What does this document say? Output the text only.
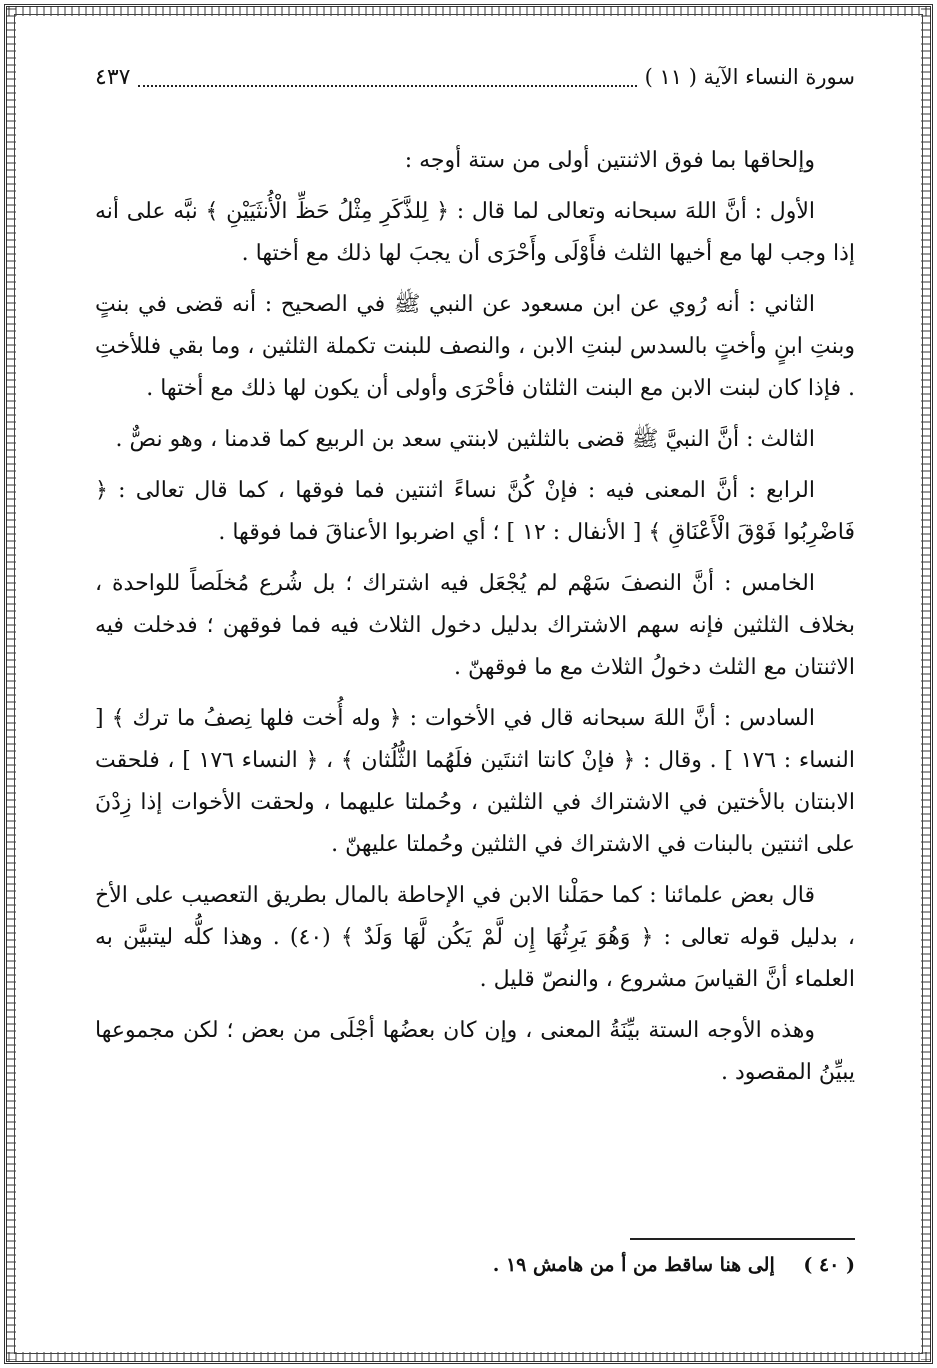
سورة النساء الآية ( ١١ )
٤٣٧

وإلحاقها بما فوق الاثنتين أولى من ستة أوجه :

الأول : أنَّ اللهَ سبحانه وتعالى لما قال : ﴿ لِلذَّكَرِ مِثْلُ حَظِّ الْأُنثَيَيْنِ ﴾ نبَّه على أنه إذا وجب لها مع أخيها الثلث فأَوْلَى وأَحْرَى أن يجبَ لها ذلك مع أختها .

الثاني : أنه رُوي عن ابن مسعود عن النبي ﷺ في الصحيح : أنه قضى في بنتٍ وبنتِ ابنٍ وأختٍ بالسدس لبنتِ الابن ، والنصف للبنت تكملة الثلثين ، وما بقي فللأختِ . فإذا كان لبنت الابن مع البنت الثلثان فأحْرَى وأولى أن يكون لها ذلك مع أختها .

الثالث : أنَّ النبيَّ ﷺ قضى بالثلثين لابنتي سعد بن الربيع كما قدمنا ، وهو نصٌّ .

الرابع : أنَّ المعنى فيه : فإنْ كُنَّ نساءً اثنتين فما فوقها ، كما قال تعالى : ﴿ فَاضْرِبُوا فَوْقَ الْأَعْنَاقِ ﴾ [ الأنفال : ١٢ ] ؛ أي اضربوا الأعناقَ فما فوقها .

الخامس : أنَّ النصفَ سَهْم لم يُجْعَل فيه اشتراك ؛ بل شُرع مُخلَصاً للواحدة ، بخلاف الثلثين فإنه سهم الاشتراك بدليل دخول الثلاث فيه فما فوقهن ؛ فدخلت فيه الاثنتان مع الثلث دخولُ الثلاث مع ما فوقهنّ .

السادس : أنَّ اللهَ سبحانه قال في الأخوات : ﴿ وله أُخت فلها نِصفُ ما ترك ﴾ [ النساء : ١٧٦ ] . وقال : ﴿ فإنْ كانتا اثنتَين فلَهُما الثُّلُثان ﴾ ، ﴿ النساء ١٧٦ ] ، فلحقت الابنتان بالأختين في الاشتراك في الثلثين ، وحُملتا عليهما ، ولحقت الأخوات إذا زِدْنَ على اثنتين بالبنات في الاشتراك في الثلثين وحُملتا عليهنّ .

قال بعض علمائنا : كما حمَلْنا الابن في الإحاطة بالمال بطريق التعصيب على الأخ ، بدليل قوله تعالى : ﴿ وَهُوَ يَرِثُهَا إِن لَّمْ يَكُن لَّهَا وَلَدٌ ﴾ (٤٠) . وهذا كلُّه ليتبيَّن به العلماء أنَّ القياسَ مشروع ، والنصّ قليل .

وهذه الأوجه الستة بيِّنَةُ المعنى ، وإن كان بعضُها أجْلَى من بعض ؛ لكن مجموعها يبيِّنُ المقصود .

( ٤٠ ) إلى هنا ساقط من أ من هامش ١٩ .
